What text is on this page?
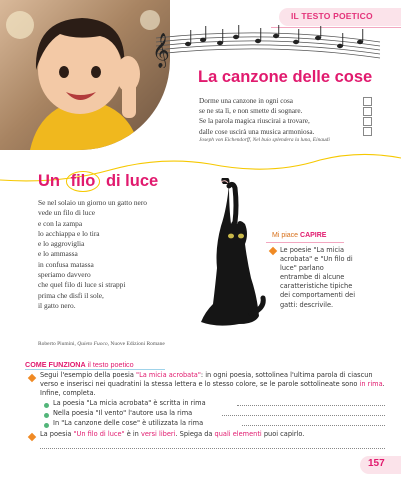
IL TESTO POETICO
𝄞
La canzone delle cose
Dorme una canzone in ogni cosa
se ne sta lì, e non smette di sognare.
Se la parola magica riuscirai a trovare,
dalle cose uscirà una musica armoniosa.
Joseph von Eichendorff, Nel buio splendera la luna, Einaudi
Un filo di luce
Se nel solaio un giorno un gatto nero
vede un filo di luce
e con la zampa
lo acchiappa e lo tira
e lo aggroviglia
e lo ammassa
in confusa matassa
speriamo davvero
che quel filo di luce si strappi
prima che disfi il sole,
il gatto nero.
Roberto Piumini, Quieto Fuoco, Nuove Edizioni Romane
Mi piace CAPIRE
Le poesie "La micia acrobata" e "Un filo di luce" parlano entrambe di alcune caratteristiche tipiche dei comportamenti dei gatti: descrivile.
COME FUNZIONA il testo poetico
Segui l'esempio della poesia "La micia acrobata": in ogni poesia, sottolinea l'ultima parola di ciascun verso e inserisci nei quadratini la stessa lettera e lo stesso colore, se le parole sottolineate sono in rima. Infine, completa.
La poesia "La micia acrobata" è scritta in rima
Nella poesia "Il vento" l'autore usa la rima
In "La canzone delle cose" è utilizzata la rima
La poesia "Un filo di luce" è in versi liberi. Spiega da quali elementi puoi capirlo.
157
